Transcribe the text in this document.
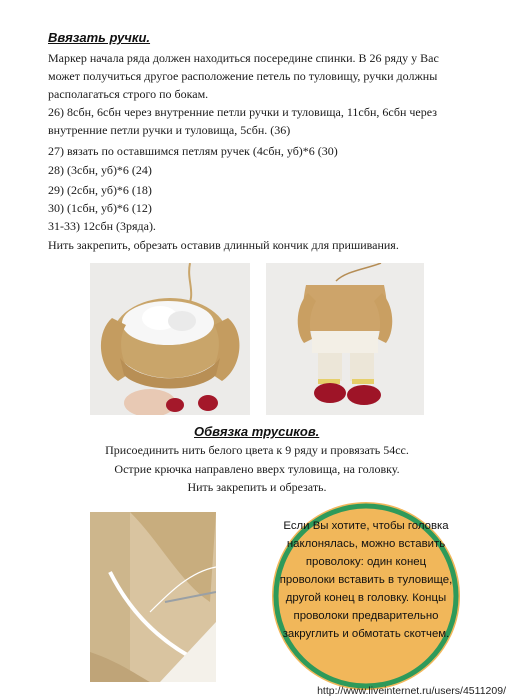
Ввязать ручки.
Маркер начала ряда должен находиться посередине спинки. В 26 ряду у Вас
может получиться другое расположение петель по туловищу, ручки должны
располагаться строго по бокам.
26) 8сбн, 6сбн через внутренние петли ручки и туловища, 11сбн, 6сбн через
внутренние петли ручки и туловища, 5сбн. (36)
27) вязать по оставшимся петлям ручек (4сбн, уб)*6 (30)
28) (3сбн, уб)*6 (24)
29) (2сбн, уб)*6 (18)
30) (1сбн, уб)*6 (12)
31-33) 12сбн (3ряда).
Нить закрепить, обрезать оставив длинный кончик для пришивания.
Обвязка трусиков.
Присоединить нить белого цвета к 9 ряду и провязать 54сс.
Острие крючка направлено вверх туловища, на головку.
Нить закрепить и обрезать.
Если Вы хотите, чтобы головка
наклонялась, можно вставить
проволоку: один конец
проволоки вставить в туловище,
другой конец в головку. Концы
проволоки предварительно
закруглить и обмотать скотчем.
http://www.liveinternet.ru/users/4511209/
